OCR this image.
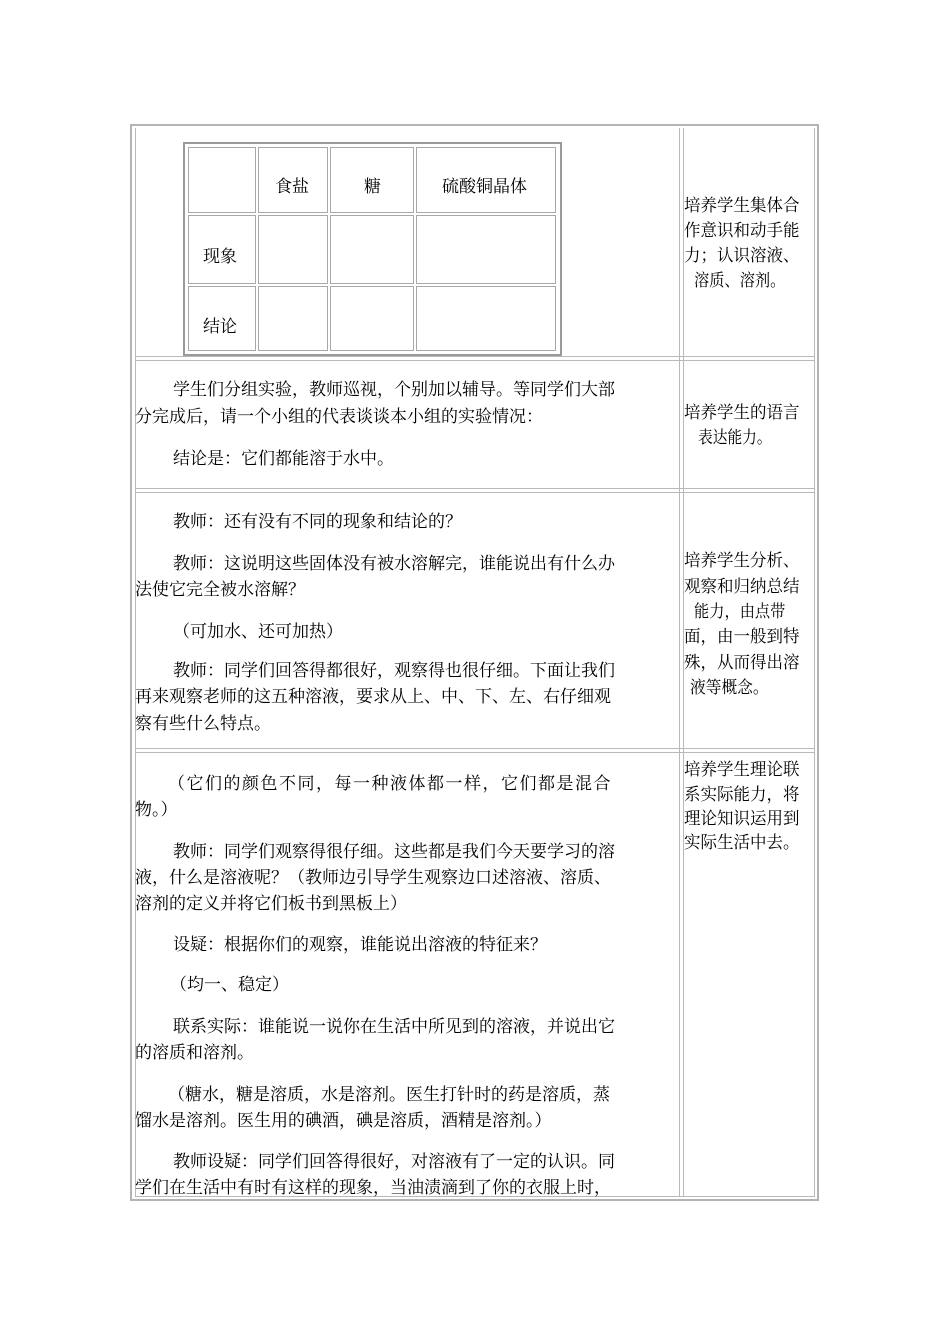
食盐	糖	硫酸铜晶体
现象
结论

培养学生集体合

作意识和动手能

力；认识溶液、

溶质、溶剂。

学生们分组实验，教师巡视，个别加以辅导。等同学们大部

分完成后，请一个小组的代表谈谈本小组的实验情况：

结论是：它们都能溶于水中。

培养学生的语言

表达能力。

教师：还有没有不同的现象和结论的？

教师：这说明这些固体没有被水溶解完，谁能说出有什么办

法使它完全被水溶解？

（可加水、还可加热）

教师：同学们回答得都很好，观察得也很仔细。下面让我们

再来观察老师的这五种溶液，要求从上、中、下、左、右仔细观

察有些什么特点。

培养学生分析、

观察和归纳总结

能力，由点带

面，由一般到特

殊，从而得出溶

液等概念。

（它们的颜色不同，每一种液体都一样，它们都是混合

物。）

教师：同学们观察得很仔细。这些都是我们今天要学习的溶

液，什么是溶液呢？（教师边引导学生观察边口述溶液、溶质、

溶剂的定义并将它们板书到黑板上）

设疑：根据你们的观察，谁能说出溶液的特征来？

（均一、稳定）

联系实际：谁能说一说你在生活中所见到的溶液，并说出它

的溶质和溶剂。

（糖水，糖是溶质，水是溶剂。医生打针时的药是溶质，蒸

馏水是溶剂。医生用的碘酒，碘是溶质，酒精是溶剂。）

教师设疑：同学们回答得很好，对溶液有了一定的认识。同

学们在生活中有时有这样的现象，当油渍滴到了你的衣服上时，

培养学生理论联

系实际能力，将

理论知识运用到

实际生活中去。
